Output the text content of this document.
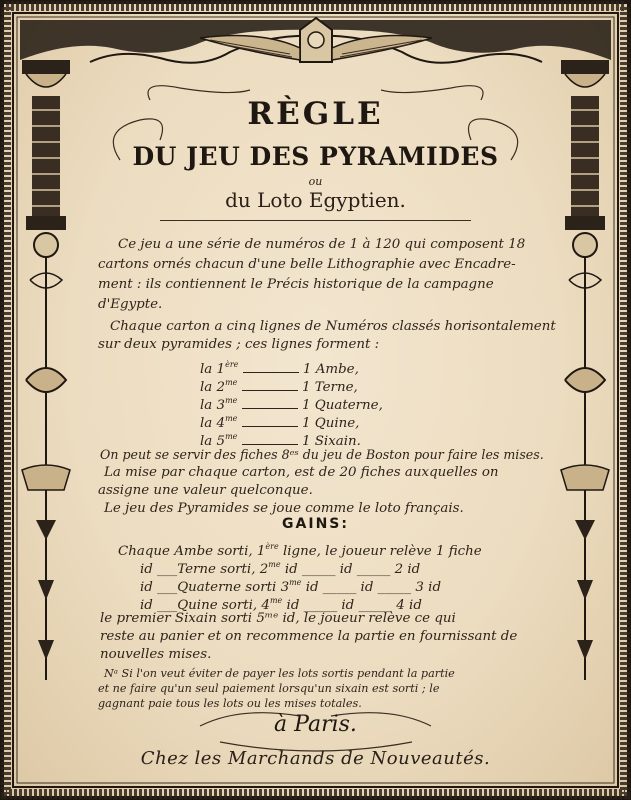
RÈGLE
DU JEU DES PYRAMIDES
ou
du Loto Egyptien.
Ce jeu a une série de numéros de 1 à 120 qui composent 18
cartons ornés chacun d'une belle Lithographie avec Encadre-
ment : ils contiennent le Précis historique de la campagne
d'Egypte.
Chaque carton a cinq lignes de Numéros classés horisontalement
sur deux pyramides ; ces lignes forment :
la 1ère	1 Ambe,
la $2^{me}$	1 Terne,
la $3^{me}$	1 Quaterne,
la $4^{me}$	1 Quine,
la $5^{me}$	1 Sixain.
On peut se servir des fiches 8ᵉˢ du jeu de Boston pour faire les mises.
La mise par chaque carton, est de 20 fiches auxquelles on
assigne une valeur quelconque.
Le jeu des Pyramides se joue comme le loto français.
GAINS:
Chaque Ambe sorti, 1ère ligne, le joueur relève 1 fiche
id ___Terne sorti, $2^{me}$ id _____ id _____ 2 id
id ___Quaterne sorti $3^{me}$ id _____ id _____ 3 id
id ___Quine sorti, $4^{me}$ id _____ id _____ 4 id
le premier Sixain sorti 5ᵐᵉ id, le joueur relève ce qui
reste au panier et on recommence la partie en fournissant de
nouvelles mises.
Nᵃ Si l'on veut éviter de payer les lots sortis pendant la partie
et ne faire qu'un seul paiement lorsqu'un sixain est sorti ; le
gagnant paie tous les lots ou les mises totales.
à Paris.
Chez les Marchands de Nouveautés.
